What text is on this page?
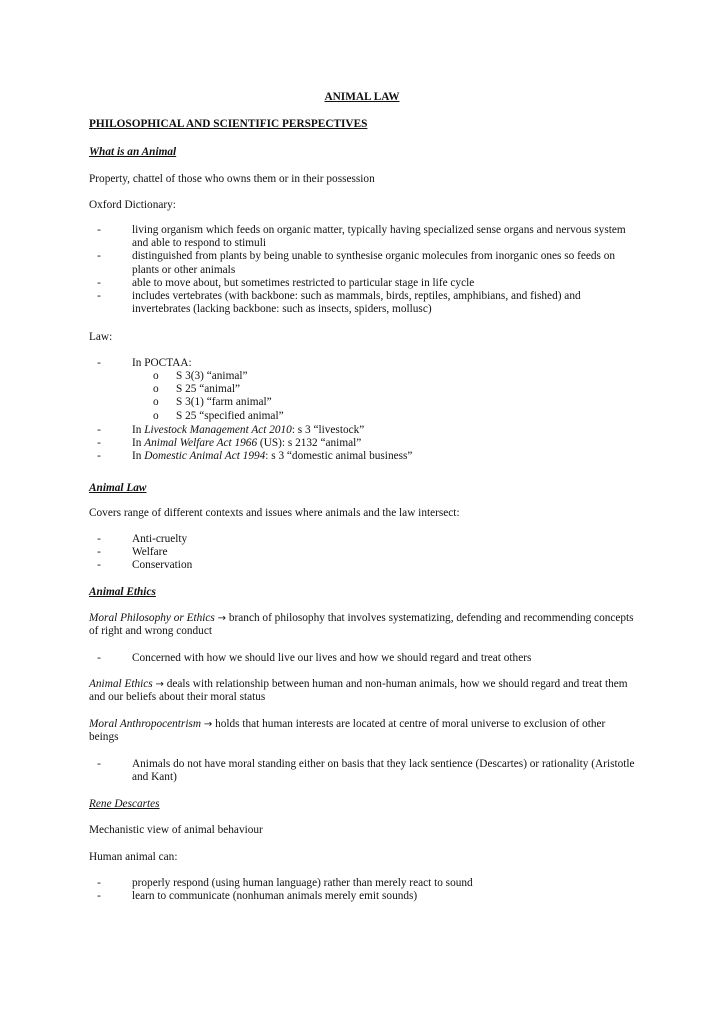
ANIMAL LAW
PHILOSOPHICAL AND SCIENTIFIC PERSPECTIVES
What is an Animal
Property, chattel of those who owns them or in their possession
Oxford Dictionary:
-	living organism which feeds on organic matter, typically having specialized sense organs and nervous system and able to respond to stimuli
-	distinguished from plants by being unable to synthesise organic molecules from inorganic ones so feeds on plants or other animals
-	able to move about, but sometimes restricted to particular stage in life cycle
-	includes vertebrates (with backbone: such as mammals, birds, reptiles, amphibians, and fished) and invertebrates (lacking backbone: such as insects, spiders, mollusc)
Law:
-	In POCTAA:
o S 3(3) “animal”
o S 25 “animal”
o S 3(1) “farm animal”
o S 25 “specified animal”
-	In Livestock Management Act 2010: s 3 “livestock”
-	In Animal Welfare Act 1966 (US): s 2132 “animal”
-	In Domestic Animal Act 1994: s 3 “domestic animal business”
Animal Law
Covers range of different contexts and issues where animals and the law intersect:
-	Anti-cruelty
-	Welfare
-	Conservation
Animal Ethics
Moral Philosophy or Ethics → branch of philosophy that involves systematizing, defending and recommending concepts of right and wrong conduct
-	Concerned with how we should live our lives and how we should regard and treat others
Animal Ethics → deals with relationship between human and non-human animals, how we should regard and treat them and our beliefs about their moral status
Moral Anthropocentrism → holds that human interests are located at centre of moral universe to exclusion of other beings
-	Animals do not have moral standing either on basis that they lack sentience (Descartes) or rationality (Aristotle and Kant)
Rene Descartes
Mechanistic view of animal behaviour
Human animal can:
-	properly respond (using human language) rather than merely react to sound
-	learn to communicate (nonhuman animals merely emit sounds)
